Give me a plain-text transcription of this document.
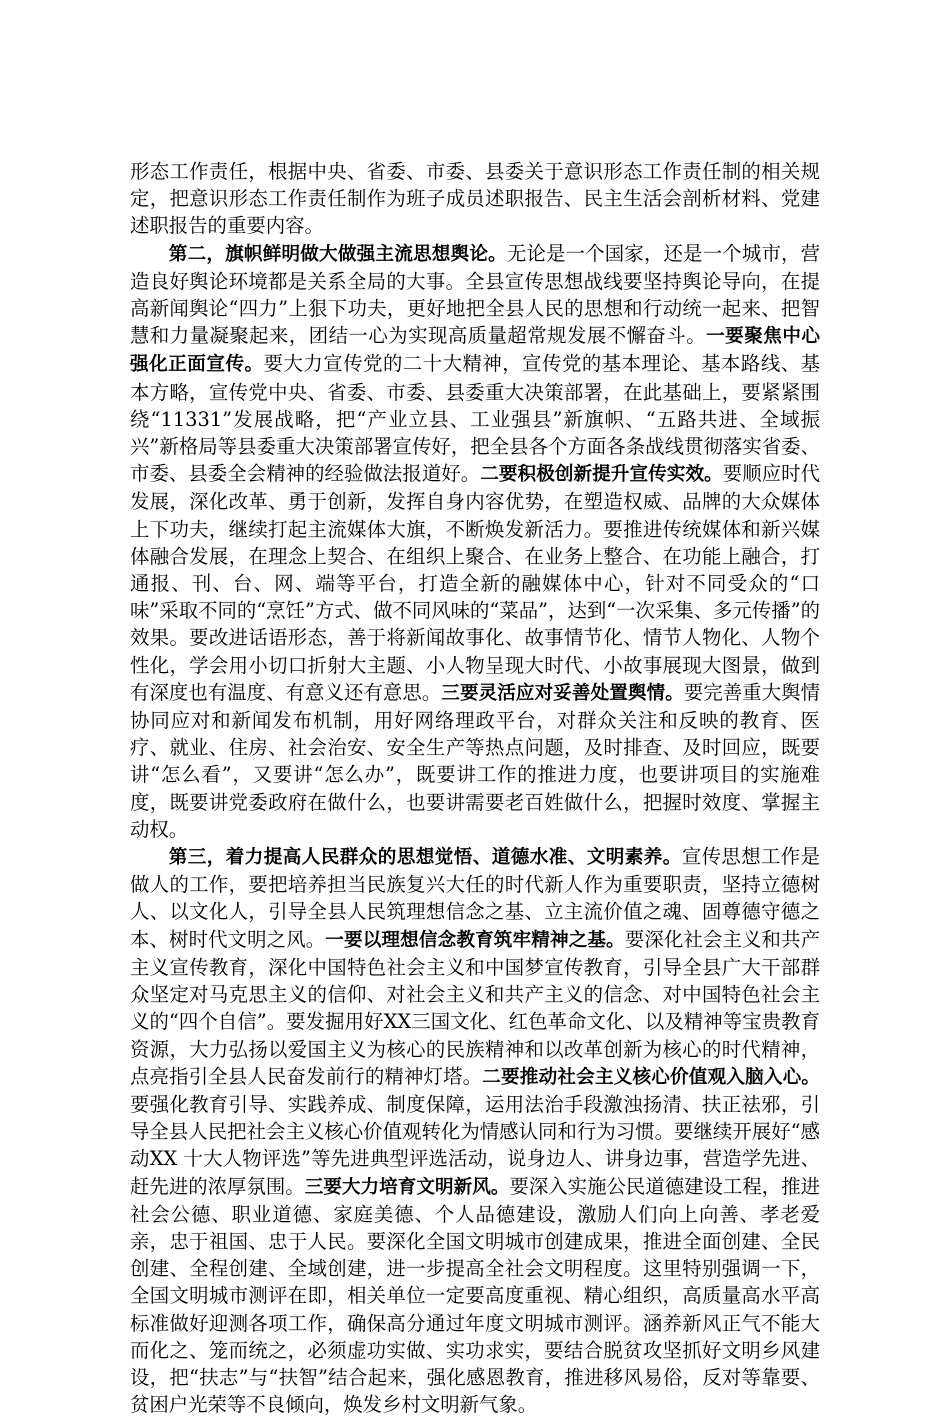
形态工作责任，根据中央、省委、市委、县委关于意识形态工作责任制的相关规定，把意识形态工作责任制作为班子成员述职报告、民主生活会剖析材料、党建述职报告的重要内容。

第二，旗帜鲜明做大做强主流思想舆论。无论是一个国家，还是一个城市，营造良好舆论环境都是关系全局的大事。全县宣传思想战线要坚持舆论导向，在提高新闻舆论“四力”上狠下功夫，更好地把全县人民的思想和行动统一起来、把智慧和力量凝聚起来，团结一心为实现高质量超常规发展不懈奋斗。一要聚焦中心强化正面宣传。要大力宣传党的二十大精神，宣传党的基本理论、基本路线、基本方略，宣传党中央、省委、市委、县委重大决策部署，在此基础上，要紧紧围绕“11331”发展战略，把“产业立县、工业强县”新旗帜、“五路共进、全域振兴”新格局等县委重大决策部署宣传好，把全县各个方面各条战线贯彻落实省委、市委、县委全会精神的经验做法报道好。二要积极创新提升宣传实效。要顺应时代发展，深化改革、勇于创新，发挥自身内容优势，在塑造权威、品牌的大众媒体上下功夫，继续打起主流媒体大旗，不断焕发新活力。要推进传统媒体和新兴媒体融合发展，在理念上契合、在组织上聚合、在业务上整合、在功能上融合，打通报、刊、台、网、端等平台，打造全新的融媒体中心，针对不同受众的“口味”采取不同的“烹饪”方式、做不同风味的“菜品”，达到“一次采集、多元传播”的效果。要改进话语形态，善于将新闻故事化、故事情节化、情节人物化、人物个性化，学会用小切口折射大主题、小人物呈现大时代、小故事展现大图景，做到有深度也有温度、有意义还有意思。三要灵活应对妥善处置舆情。要完善重大舆情协同应对和新闻发布机制，用好网络理政平台，对群众关注和反映的教育、医疗、就业、住房、社会治安、安全生产等热点问题，及时排查、及时回应，既要讲“怎么看”，又要讲“怎么办”，既要讲工作的推进力度，也要讲项目的实施难度，既要讲党委政府在做什么，也要讲需要老百姓做什么，把握时效度、掌握主动权。

第三，着力提高人民群众的思想觉悟、道德水准、文明素养。宣传思想工作是做人的工作，要把培养担当民族复兴大任的时代新人作为重要职责，坚持立德树人、以文化人，引导全县人民筑理想信念之基、立主流价值之魂、固尊德守德之本、树时代文明之风。一要以理想信念教育筑牢精神之基。要深化社会主义和共产主义宣传教育，深化中国特色社会主义和中国梦宣传教育，引导全县广大干部群众坚定对马克思主义的信仰、对社会主义和共产主义的信念、对中国特色社会主义的“四个自信”。要发掘用好XX三国文化、红色革命文化、以及精神等宝贵教育资源，大力弘扬以爱国主义为核心的民族精神和以改革创新为核心的时代精神，点亮指引全县人民奋发前行的精神灯塔。二要推动社会主义核心价值观入脑入心。要强化教育引导、实践养成、制度保障，运用法治手段激浊扬清、扶正祛邪，引导全县人民把社会主义核心价值观转化为情感认同和行为习惯。要继续开展好“感动XX 十大人物评选”等先进典型评选活动，说身边人、讲身边事，营造学先进、赶先进的浓厚氛围。三要大力培育文明新风。要深入实施公民道德建设工程，推进社会公德、职业道德、家庭美德、个人品德建设，激励人们向上向善、孝老爱亲，忠于祖国、忠于人民。要深化全国文明城市创建成果，推进全面创建、全民创建、全程创建、全域创建，进一步提高全社会文明程度。这里特别强调一下，全国文明城市测评在即，相关单位一定要高度重视、精心组织，高质量高水平高标准做好迎测各项工作，确保高分通过年度文明城市测评。涵养新风正气不能大而化之、笼而统之，必须虚功实做、实功求实，要结合脱贫攻坚抓好文明乡风建设，把“扶志”与“扶智”结合起来，强化感恩教育，推进移风易俗，反对等靠要、贫困户光荣等不良倾向，焕发乡村文明新气象。
